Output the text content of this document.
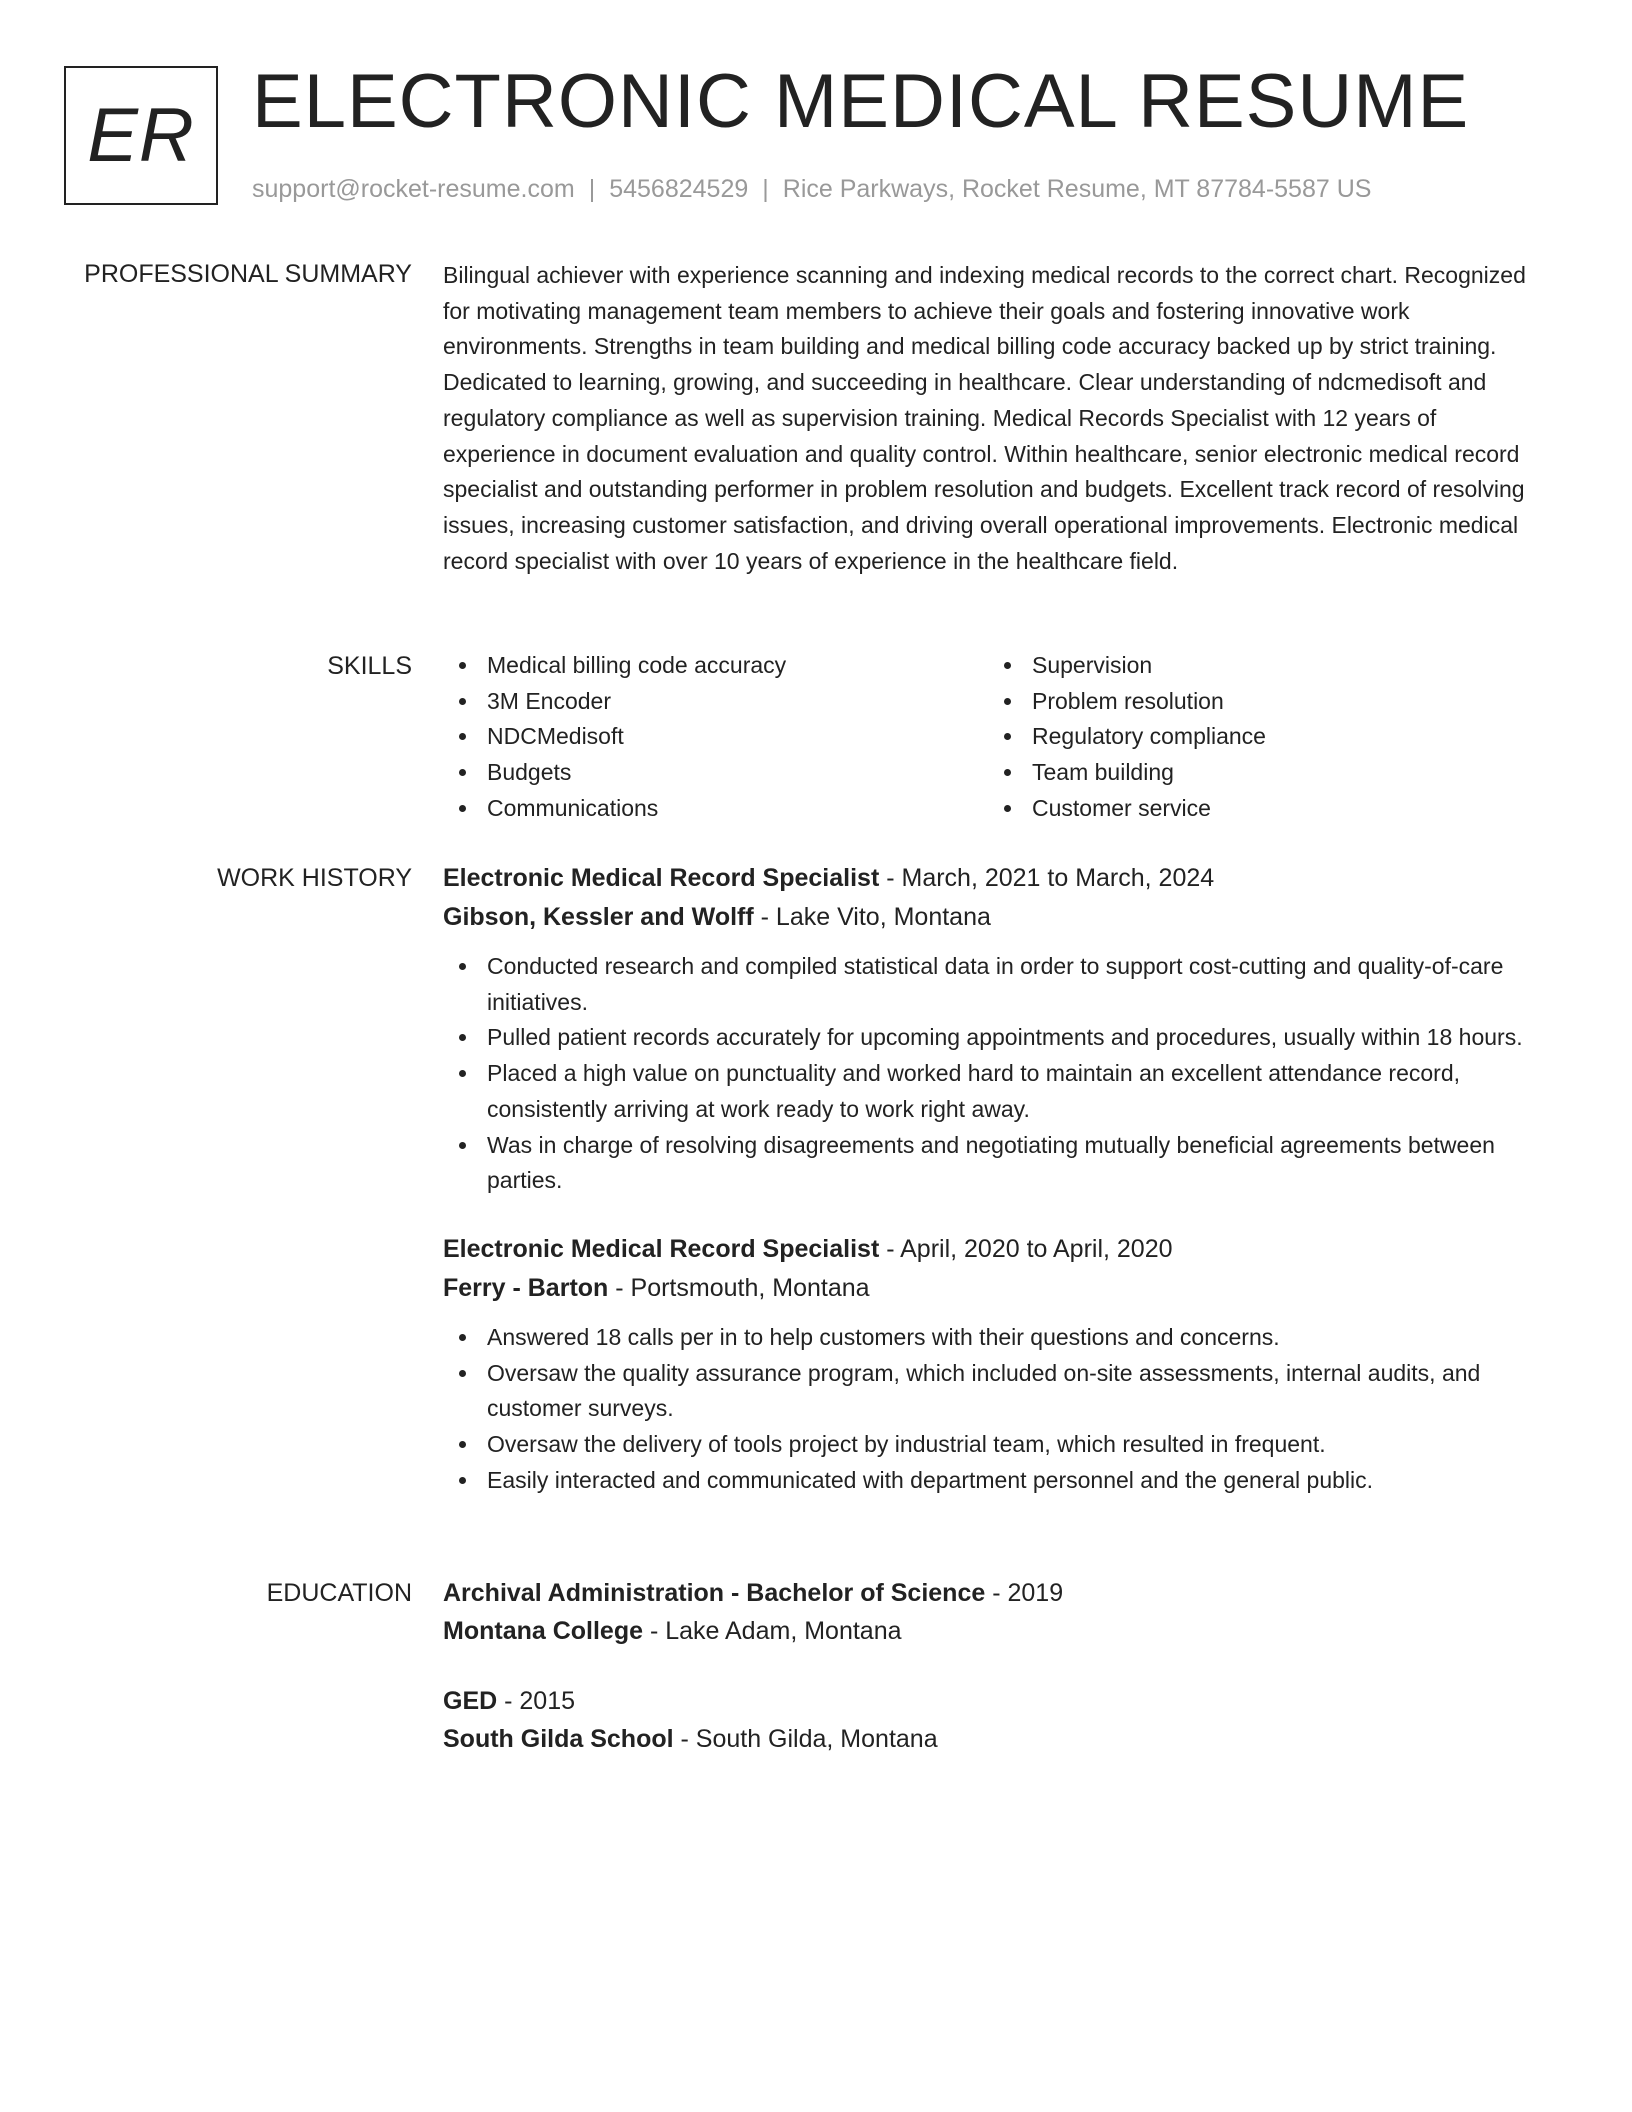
ER ELECTRONIC MEDICAL RESUME
support@rocket-resume.com | 5456824529 | Rice Parkways, Rocket Resume, MT 87784-5587 US
PROFESSIONAL SUMMARY Bilingual achiever with experience scanning and indexing medical records to the correct chart. Recognized for motivating management team members to achieve their goals and fostering innovative work environments. Strengths in team building and medical billing code accuracy backed up by strict training. Dedicated to learning, growing, and succeeding in healthcare. Clear understanding of ndcmedisoft and regulatory compliance as well as supervision training. Medical Records Specialist with 12 years of experience in document evaluation and quality control. Within healthcare, senior electronic medical record specialist and outstanding performer in problem resolution and budgets. Excellent track record of resolving issues, increasing customer satisfaction, and driving overall operational improvements. Electronic medical record specialist with over 10 years of experience in the healthcare field.

SKILLS	Medical billing code accuracy
3M Encoder
NDCMedisoft
Budgets
Communications
Supervision
Problem resolution
Regulatory compliance
Team building
Customer service
WORK HISTORY Electronic Medical Record Specialist - March, 2021 to March, 2024
Gibson, Kessler and Wolff - Lake Vito, Montana
Conducted research and compiled statistical data in order to support cost-cutting and quality-of-care initiatives.
Pulled patient records accurately for upcoming appointments and procedures, usually within 18 hours.
Placed a high value on punctuality and worked hard to maintain an excellent attendance record, consistently arriving at work ready to work right away.
Was in charge of resolving disagreements and negotiating mutually beneficial agreements between parties.
Electronic Medical Record Specialist - April, 2020 to April, 2020
Ferry - Barton - Portsmouth, Montana
Answered 18 calls per in to help customers with their questions and concerns.
Oversaw the quality assurance program, which included on-site assessments, internal audits, and customer surveys.
Oversaw the delivery of tools project by industrial team, which resulted in frequent.
Easily interacted and communicated with department personnel and the general public.
EDUCATION Archival Administration - Bachelor of Science - 2019
Montana College - Lake Adam, Montana
GED - 2015
South Gilda School - South Gilda, Montana
